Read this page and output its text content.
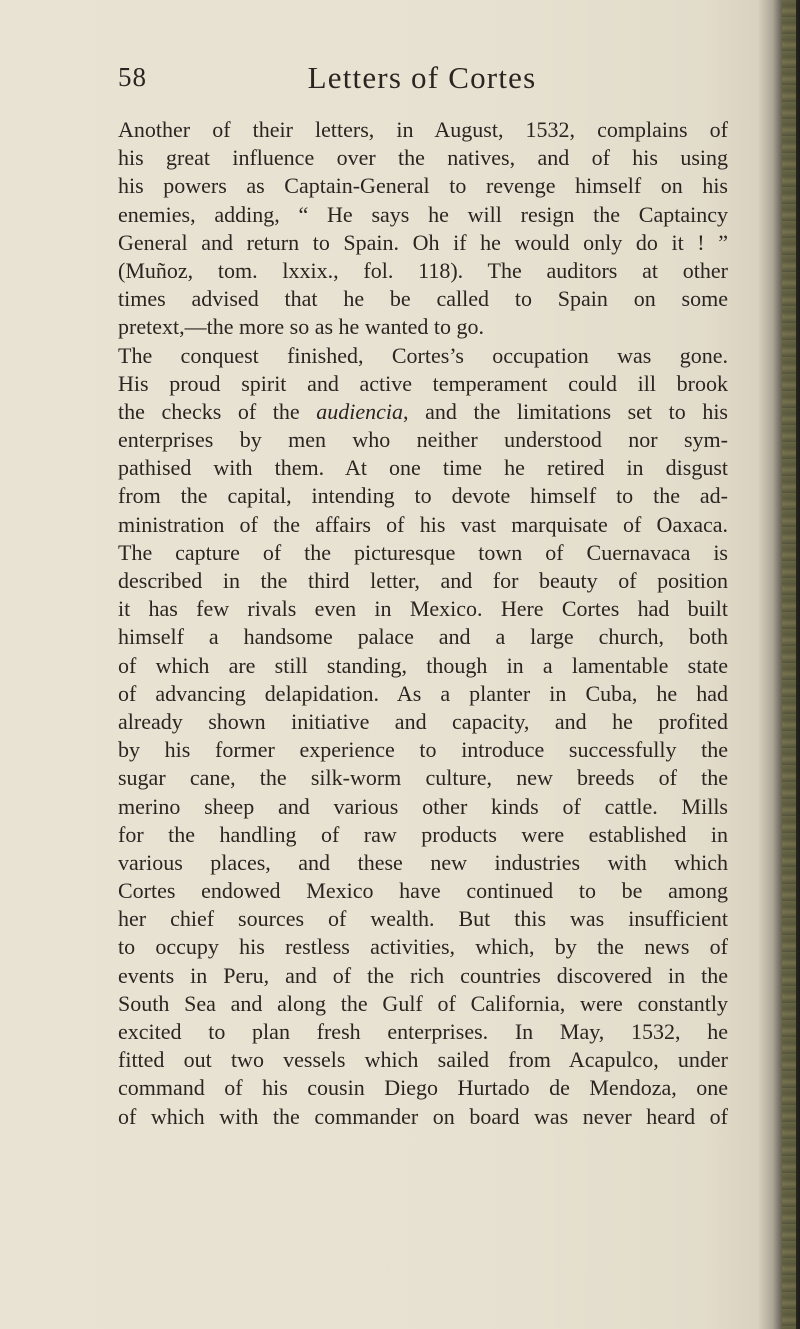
58	Letters of Cortes
Another of their letters, in August, 1532, complains of
his great influence over the natives, and of his using
his powers as Captain-General to revenge himself on his
enemies, adding, “ He says he will resign the Captaincy
General and return to Spain. Oh if he would only do it ! ”
(Muñoz, tom. lxxix., fol. 118). The auditors at other
times advised that he be called to Spain on some
pretext,—the more so as he wanted to go.
The conquest finished, Cortes’s occupation was gone.
His proud spirit and active temperament could ill brook
the checks of the audiencia, and the limitations set to his
enterprises by men who neither understood nor sym-
pathised with them. At one time he retired in disgust
from the capital, intending to devote himself to the ad-
ministration of the affairs of his vast marquisate of Oaxaca.
The capture of the picturesque town of Cuernavaca is
described in the third letter, and for beauty of position
it has few rivals even in Mexico. Here Cortes had built
himself a handsome palace and a large church, both
of which are still standing, though in a lamentable state
of advancing delapidation. As a planter in Cuba, he had
already shown initiative and capacity, and he profited
by his former experience to introduce successfully the
sugar cane, the silk-worm culture, new breeds of the
merino sheep and various other kinds of cattle. Mills
for the handling of raw products were established in
various places, and these new industries with which
Cortes endowed Mexico have continued to be among
her chief sources of wealth. But this was insufficient
to occupy his restless activities, which, by the news of
events in Peru, and of the rich countries discovered in the
South Sea and along the Gulf of California, were constantly
excited to plan fresh enterprises. In May, 1532, he
fitted out two vessels which sailed from Acapulco, under
command of his cousin Diego Hurtado de Mendoza, one
of which with the commander on board was never heard of
